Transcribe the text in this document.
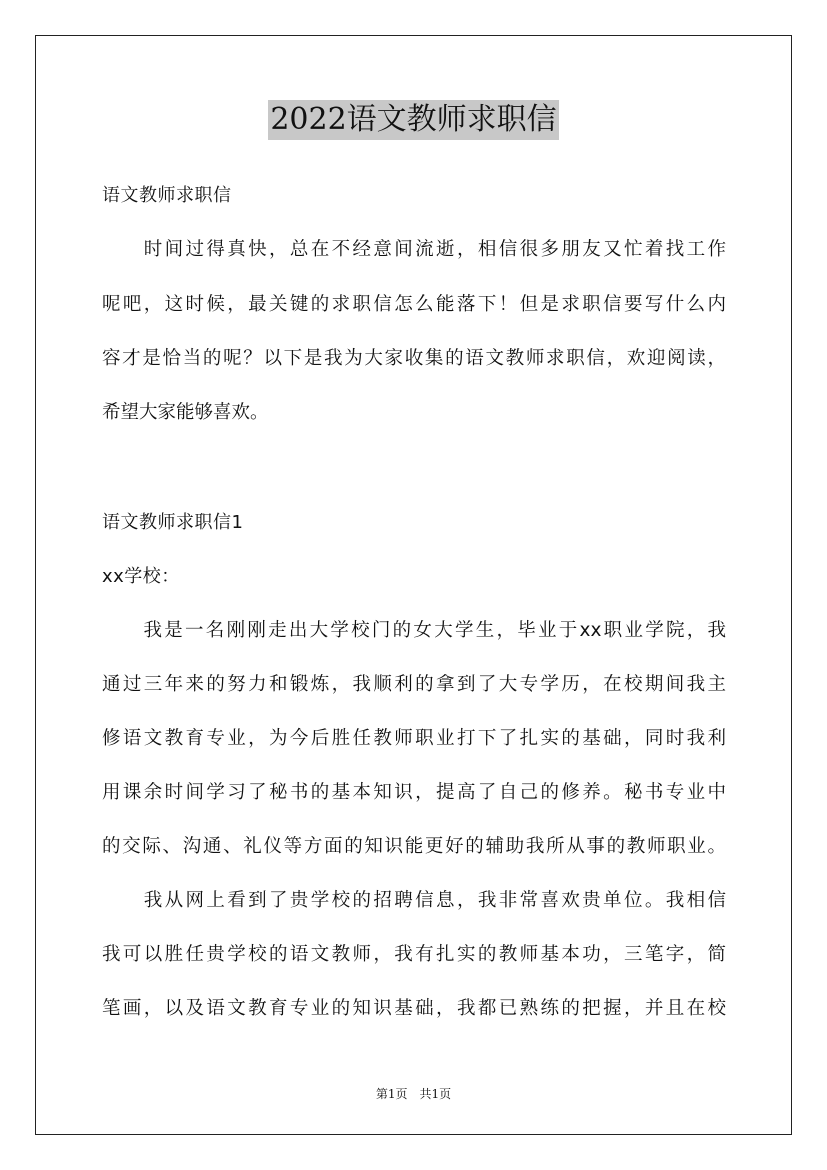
2022语文教师求职信
语文教师求职信
　　时间过得真快，总在不经意间流逝，相信很多朋友又忙着找工作
呢吧，这时候，最关键的求职信怎么能落下！但是求职信要写什么内
容才是恰当的呢？以下是我为大家收集的语文教师求职信，欢迎阅读，
希望大家能够喜欢。
语文教师求职信1
xx学校：
　　我是一名刚刚走出大学校门的女大学生，毕业于xx职业学院，我
通过三年来的努力和锻炼，我顺利的拿到了大专学历，在校期间我主
修语文教育专业，为今后胜任教师职业打下了扎实的基础，同时我利
用课余时间学习了秘书的基本知识，提高了自己的修养。秘书专业中
的交际、沟通、礼仪等方面的知识能更好的辅助我所从事的教师职业。
　　我从网上看到了贵学校的招聘信息，我非常喜欢贵单位。我相信
我可以胜任贵学校的语文教师，我有扎实的教师基本功，三笔字，简
笔画，以及语文教育专业的知识基础，我都已熟练的把握，并且在校
第1页　共1页
